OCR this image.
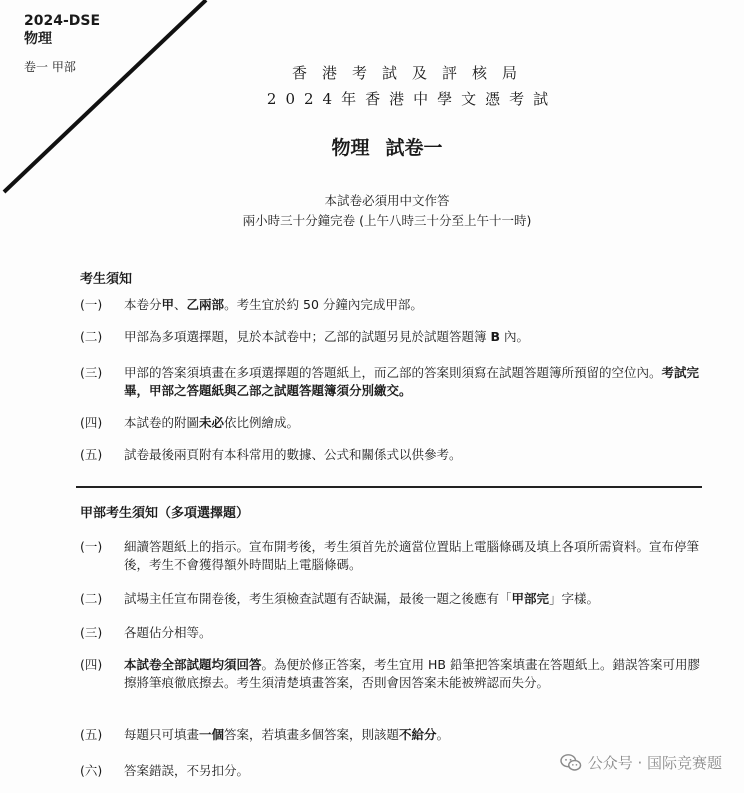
2024-DSE
物理
卷一 甲部	香港考試及評核局
2024年香港中學文憑考試
物理 試卷一
本試卷必須用中文作答
兩小時三十分鐘完卷 (上午八時三十分至上午十一時)
考生須知
(一)	本卷分甲、乙兩部。考生宜於約 50 分鐘內完成甲部。
(二)	甲部為多項選擇題，見於本試卷中；乙部的試題另見於試題答題簿 B 內。
(三)	甲部的答案須填畫在多項選擇題的答題紙上，而乙部的答案則須寫在試題答題簿所預留的空位內。考試完畢，甲部之答題紙與乙部之試題答題簿須分別繳交。
(四)	本試卷的附圖未必依比例繪成。
(五)	試卷最後兩頁附有本科常用的數據、公式和關係式以供參考。
甲部考生須知（多項選擇題）
(一)	細讀答題紙上的指示。宣布開考後，考生須首先於適當位置貼上電腦條碼及填上各項所需資料。宣布停筆後，考生不會獲得額外時間貼上電腦條碼。
(二)	試場主任宣布開卷後，考生須檢查試題有否缺漏，最後一題之後應有「甲部完」字樣。
(三)	各題佔分相等。
(四)	本試卷全部試題均須回答。為便於修正答案，考生宜用 HB 鉛筆把答案填畫在答題紙上。錯誤答案可用膠擦將筆痕徹底擦去。考生須清楚填畫答案，否則會因答案未能被辨認而失分。
(五)	每題只可填畫一個答案，若填畫多個答案，則該題不給分。
(六)	答案錯誤，不另扣分。	公众号 · 国际竞赛题
